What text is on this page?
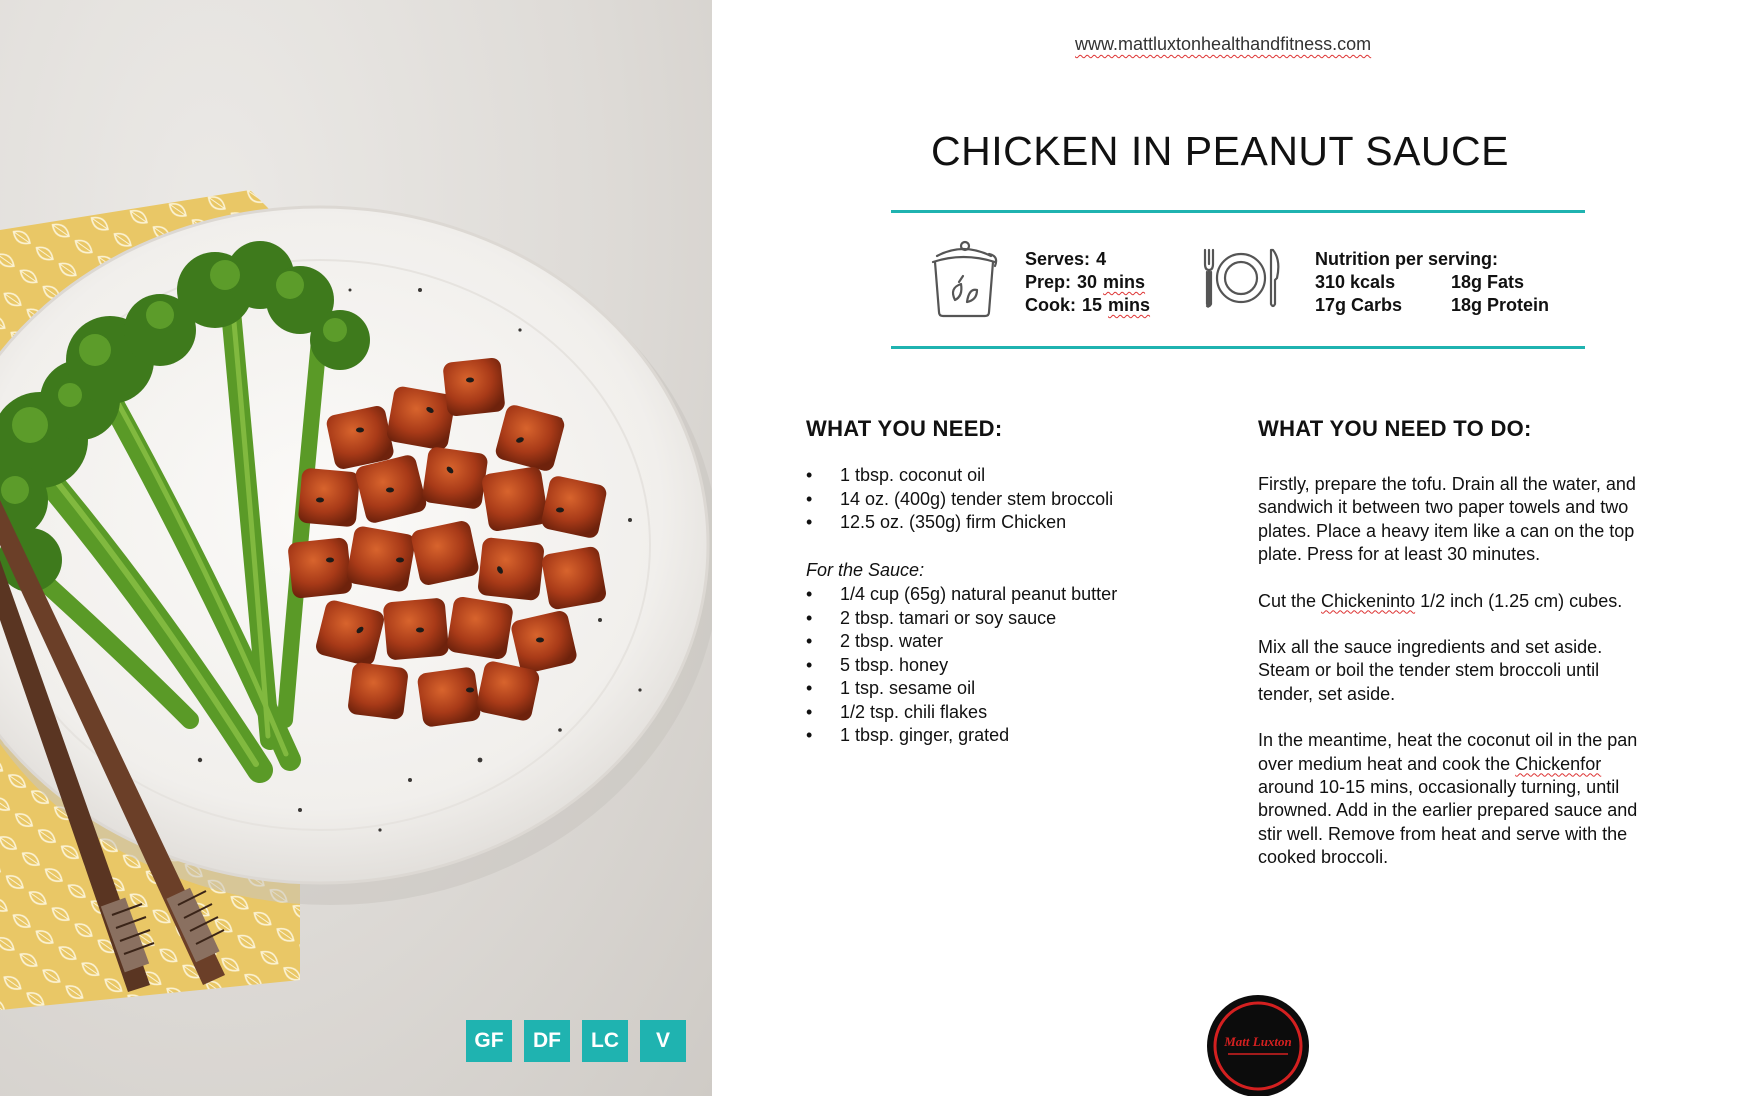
GF	DF	LC	V
www.mattluxtonhealthandfitness.com
CHICKEN IN PEANUT SAUCE
Serves: 4
Prep: 30 mins
Cook: 15 mins
Nutrition per serving:
310 kcals	18g Fats
17g Carbs	18g Protein
WHAT YOU NEED:
•	1 tbsp. coconut oil
•	14 oz. (400g) tender stem broccoli
•	12.5 oz. (350g) firm Chicken
For the Sauce:
•	1/4 cup (65g) natural peanut butter
•	2 tbsp. tamari or soy sauce
•	2 tbsp. water
•	5 tbsp. honey
•	1 tsp. sesame oil
•	1/2 tsp. chili flakes
•	1 tbsp. ginger, grated
WHAT YOU NEED TO DO:

Firstly, prepare the tofu. Drain all the water, and sandwich it between two paper towels and two plates. Place a heavy item like a can on the top plate. Press for at least 30 minutes.

Cut the Chickeninto 1/2 inch (1.25 cm) cubes.

Mix all the sauce ingredients and set aside. Steam or boil the tender stem broccoli until tender, set aside.

In the meantime, heat the coconut oil in the pan over medium heat and cook the Chickenfor around 10-15 mins, occasionally turning, until browned. Add in the earlier prepared sauce and stir well. Remove from heat and serve with the cooked broccoli.

Matt Luxton
